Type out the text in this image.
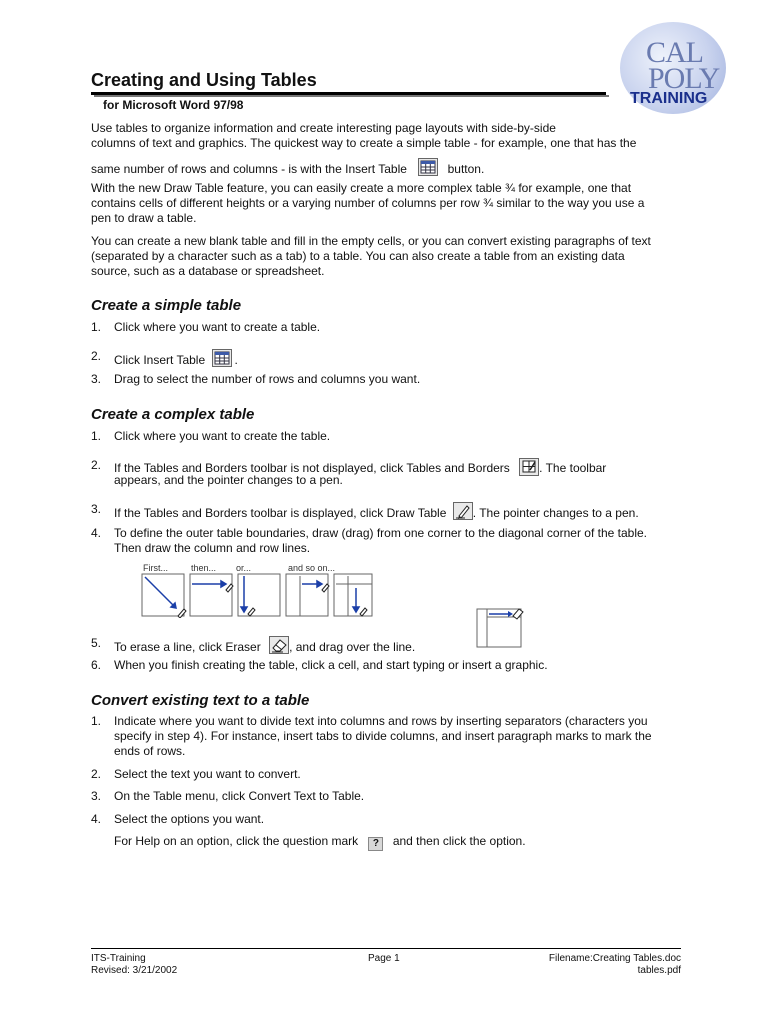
CAL
POLY
TRAINING
Creating and Using Tables
for Microsoft Word 97/98
Use tables to organize information and create interesting page layouts with side-by-side
columns of text and graphics. The quickest way to create a simple table - for example, one that has the
same number of rows and columns - is with the Insert Table	button.
With the new Draw Table feature, you can easily create a more complex table ¾ for example, one that
contains cells of different heights or a varying number of columns per row ¾ similar to the way you use a
pen to draw a table.
You can create a new blank table and fill in the empty cells, or you can convert existing paragraphs of text
(separated by a character such as a tab) to a table. You can also create a table from an existing data
source, such as a database or spreadsheet.
Create a simple table
1. Click where you want to create a table.
2. Click Insert Table .
3. Drag to select the number of rows and columns you want.
Create a complex table
1. Click where you want to create the table.
2. If the Tables and Borders toolbar is not displayed, click Tables and Borders . The toolbar
appears, and the pointer changes to a pen.
3. If the Tables and Borders toolbar is displayed, click Draw Table . The pointer changes to a pen.
4. To define the outer table boundaries, draw (drag) from one corner to the diagonal corner of the table.
Then draw the column and row lines.
First...	then... or...	and so on...
5. To erase a line, click Eraser , and drag over the line.
6. When you finish creating the table, click a cell, and start typing or insert a graphic.
Convert existing text to a table
1. Indicate where you want to divide text into columns and rows by inserting separators (characters you
specify in step 4). For instance, insert tabs to divide columns, and insert paragraph marks to mark the
ends of rows.
2. Select the text you want to convert.
3. On the Table menu, click Convert Text to Table.
4. Select the options you want.
For Help on an option, click the question mark ? and then click the option.
ITS-Training
Revised: 3/21/2002
Page 1	Filename:Creating Tables.doc
tables.pdf
